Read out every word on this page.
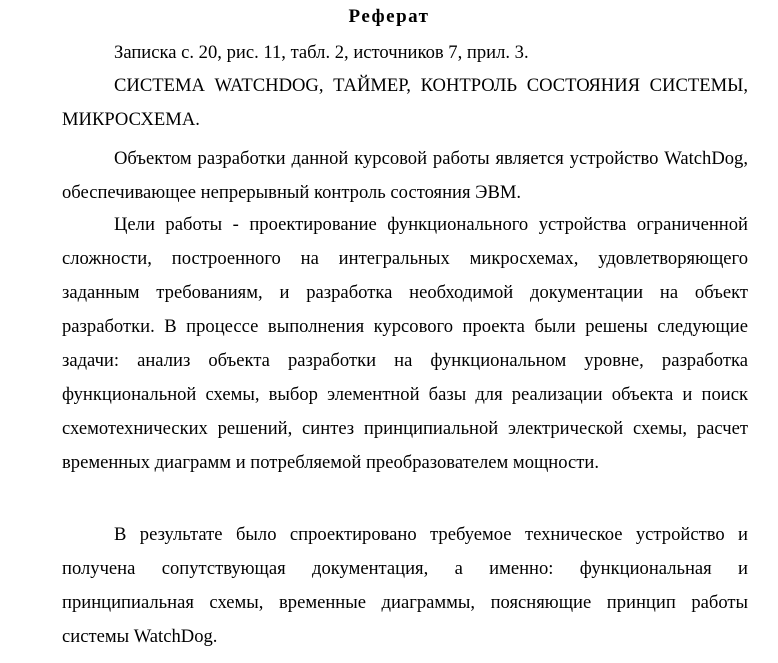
Реферат

Записка с. 20, рис. 11, табл. 2, источников 7, прил. 3.

СИСТЕМА WATCHDOG, ТАЙМЕР, КОНТРОЛЬ СОСТОЯНИЯ СИСТЕМЫ, МИКРОСХЕМА.

Объектом разработки данной курсовой работы является устройство WatchDog, обеспечивающее непрерывный контроль состояния ЭВМ.

Цели работы - проектирование функционального устройства ограниченной сложности, построенного на интегральных микросхемах, удовлетворяющего заданным требованиям, и разработка необходимой документации на объект разработки. В процессе выполнения курсового проекта были решены следующие задачи: анализ объекта разработки на функциональном уровне, разработка функциональной схемы, выбор элементной базы для реализации объекта и поиск схемотехнических решений, синтез принципиальной электрической схемы, расчет временных диаграмм и потребляемой преобразователем мощности.

В результате было спроектировано требуемое техническое устройство и получена сопутствующая документация, а именно: функциональная и принципиальная схемы, временные диаграммы, поясняющие принцип работы системы WatchDog.
